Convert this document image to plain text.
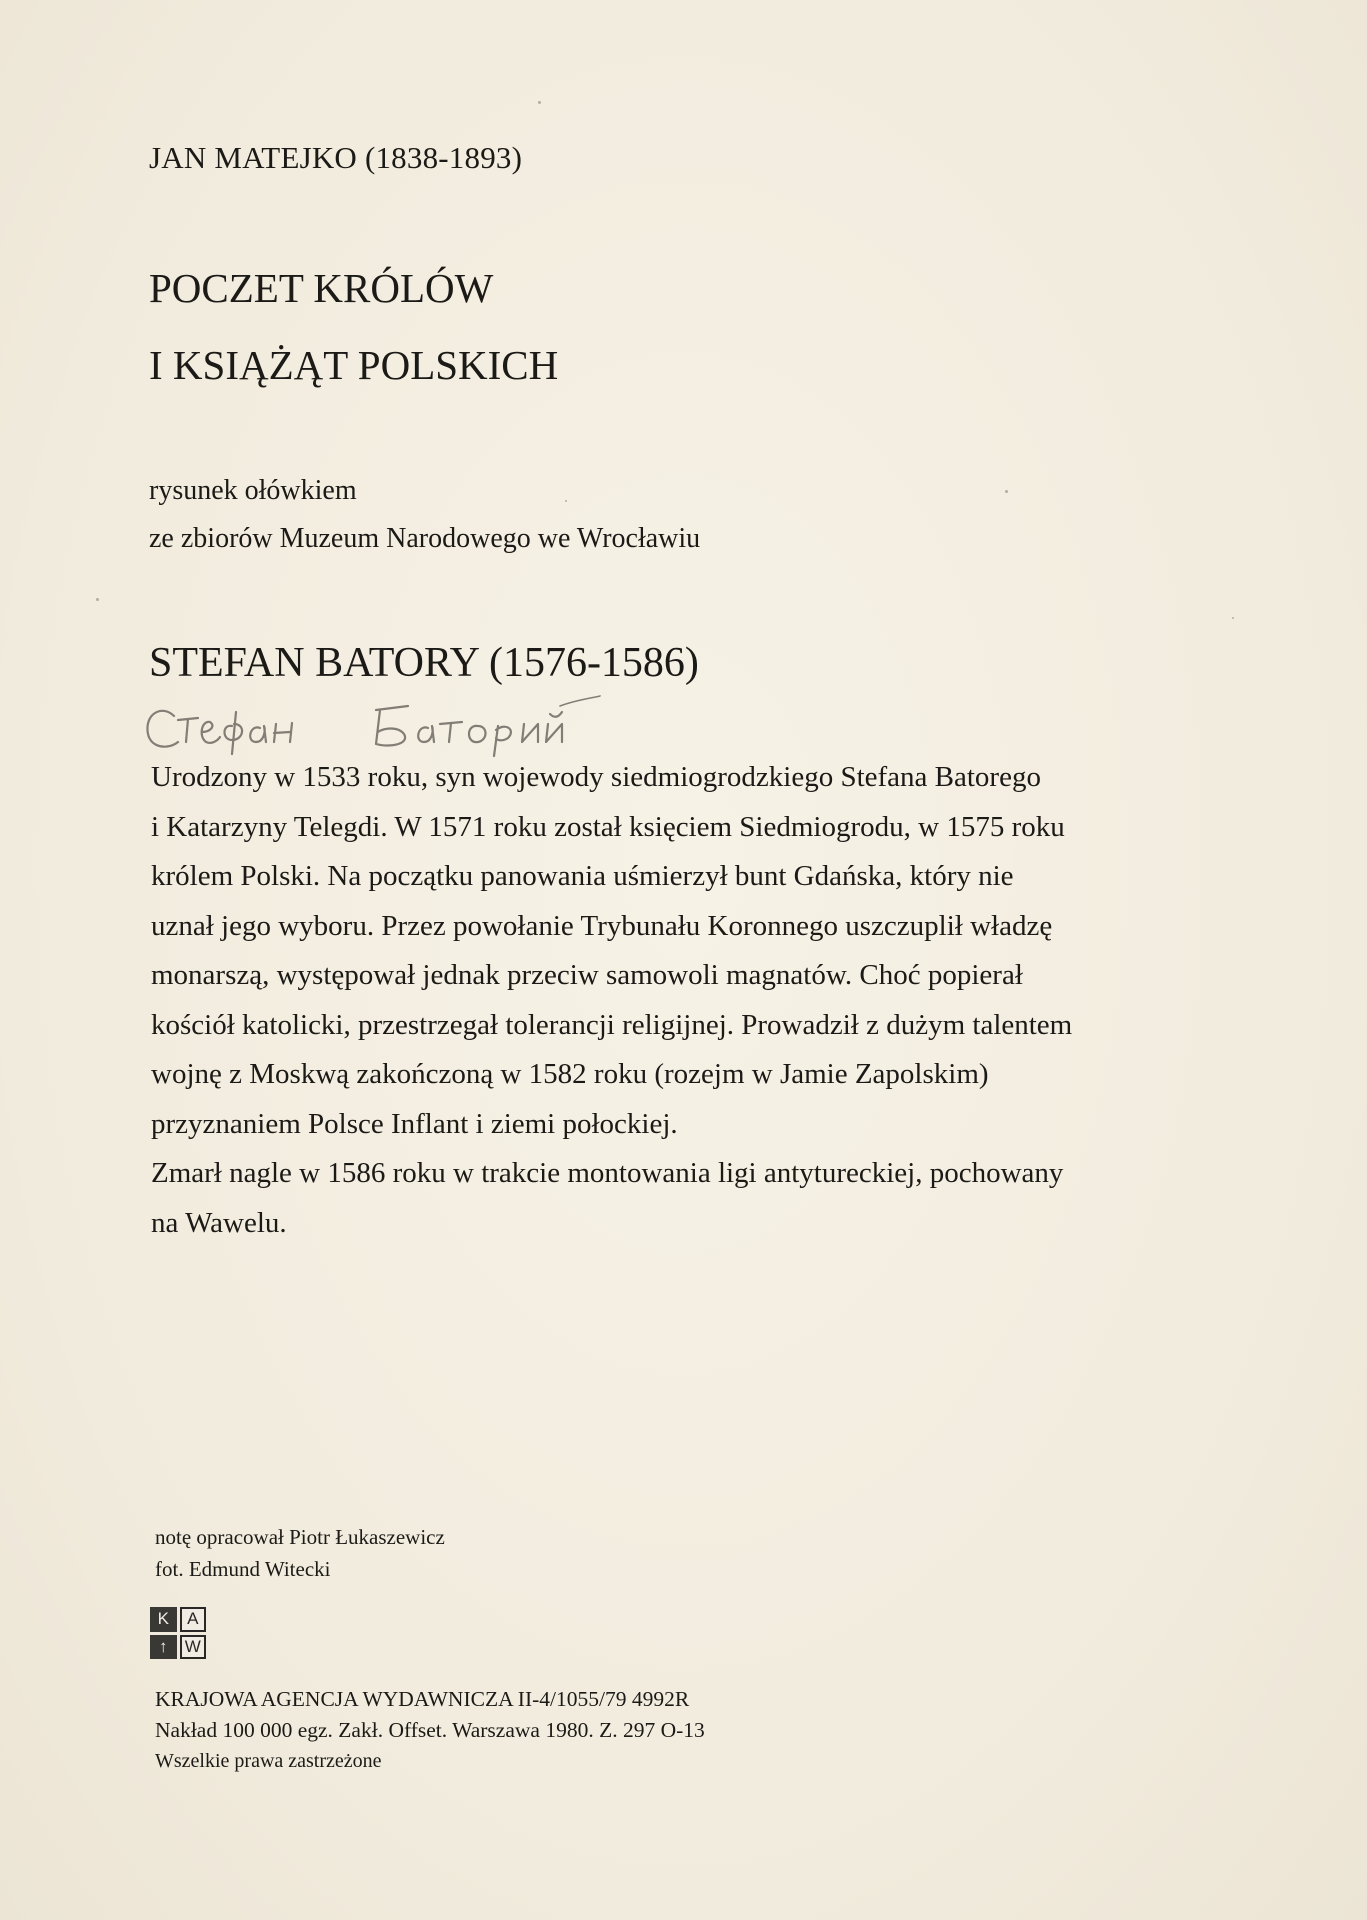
JAN MATEJKO (1838-1893)
POCZET KRÓLÓW
I KSIĄŻĄT POLSKICH
rysunek ołówkiem
ze zbiorów Muzeum Narodowego we Wrocławiu
STEFAN BATORY (1576-1586)
Urodzony w 1533 roku, syn wojewody siedmiogrodzkiego Stefana Batorego
i Katarzyny Telegdi. W 1571 roku został księciem Siedmiogrodu, w 1575 roku
królem Polski. Na początku panowania uśmierzył bunt Gdańska, który nie
uznał jego wyboru. Przez powołanie Trybunału Koronnego uszczuplił władzę
monarszą, występował jednak przeciw samowoli magnatów. Choć popierał
kościół katolicki, przestrzegał tolerancji religijnej. Prowadził z dużym talentem
wojnę z Moskwą zakończoną w 1582 roku (rozejm w Jamie Zapolskim)
przyznaniem Polsce Inflant i ziemi połockiej.
Zmarł nagle w 1586 roku w trakcie montowania ligi antytureckiej, pochowany
na Wawelu.
notę opracował Piotr Łukaszewicz
fot. Edmund Witecki
K	A
↑	W
KRAJOWA AGENCJA WYDAWNICZA II-4/1055/79 4992R
Nakład 100 000 egz. Zakł. Offset. Warszawa 1980. Z. 297 O-13
Wszelkie prawa zastrzeżone
